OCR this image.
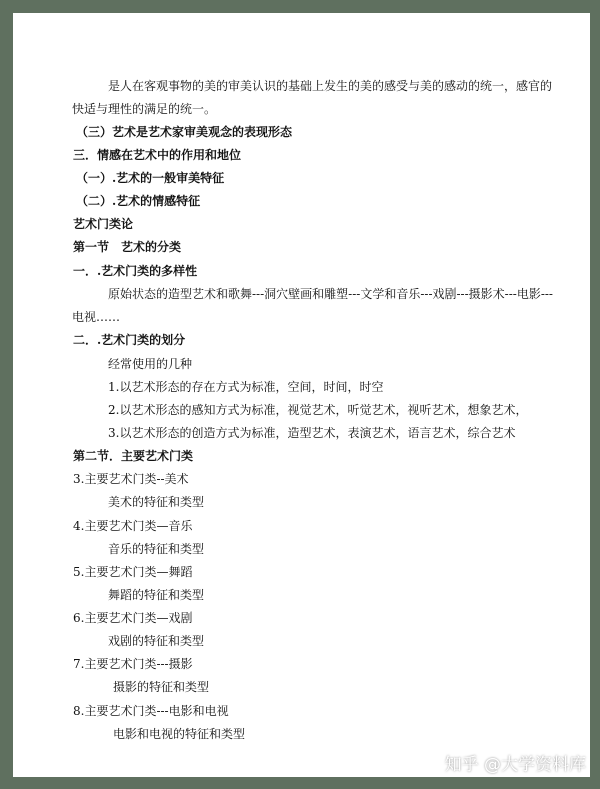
是人在客观事物的美的审美认识的基础上发生的美的感受与美的感动的统一，感官的
快适与理性的满足的统一。
（三）艺术是艺术家审美观念的表现形态
三．情感在艺术中的作用和地位
（一）.艺术的一般审美特征
（二）.艺术的情感特征
艺术门类论
第一节　艺术的分类
一．.艺术门类的多样性
原始状态的造型艺术和歌舞---洞穴壁画和雕塑---文学和音乐---戏剧---摄影术---电影---
电视……
二．.艺术门类的划分
经常使用的几种
1.以艺术形态的存在方式为标准，空间，时间，时空
2.以艺术形态的感知方式为标准，视觉艺术，听觉艺术，视听艺术，想象艺术，
3.以艺术形态的创造方式为标准，造型艺术，表演艺术，语言艺术，综合艺术
第二节．主要艺术门类
3.主要艺术门类--美术
美术的特征和类型
4.主要艺术门类—音乐
音乐的特征和类型
5.主要艺术门类—舞蹈
舞蹈的特征和类型
6.主要艺术门类—戏剧
戏剧的特征和类型
7.主要艺术门类---摄影
摄影的特征和类型
8.主要艺术门类---电影和电视
电影和电视的特征和类型
知乎 @大学资料库
